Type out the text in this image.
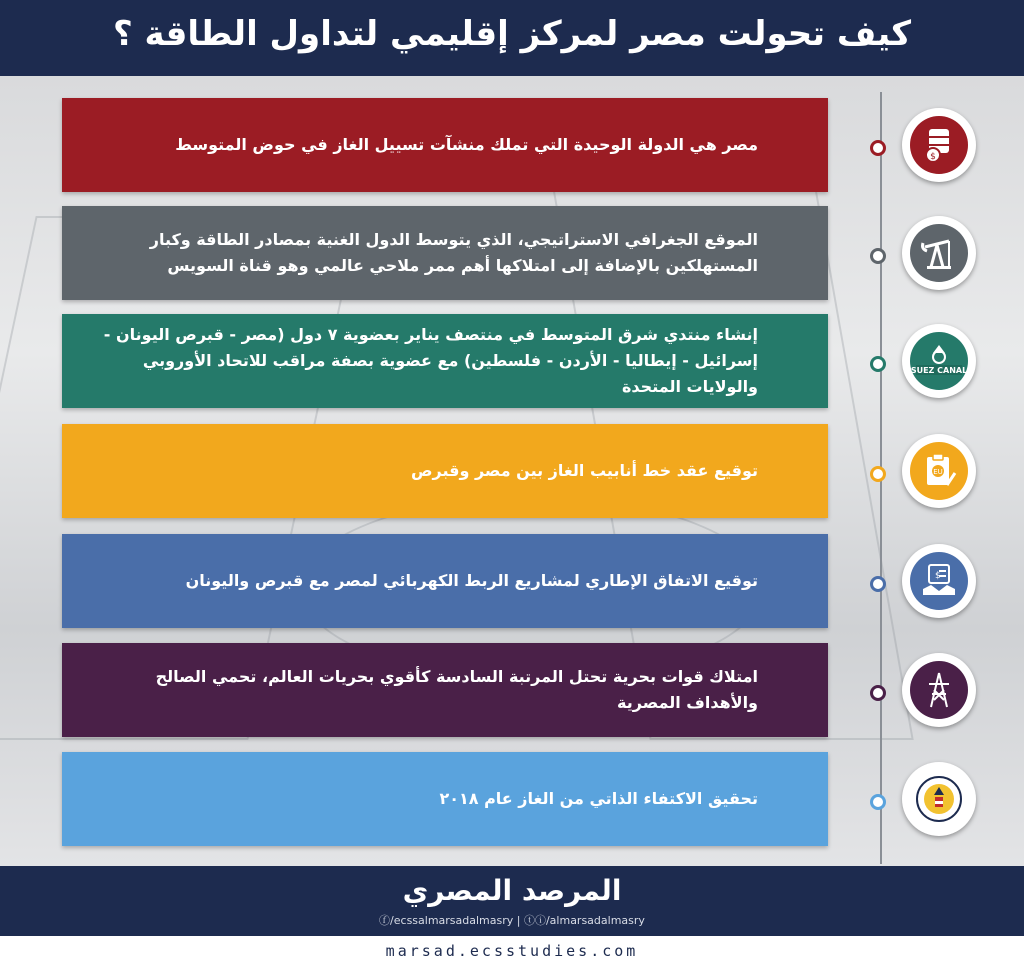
كيف تحولت مصر لمركز إقليمي لتداول الطاقة ؟
مصر هي الدولة الوحيدة التي تملك منشآت تسييل الغاز في حوض المتوسط
$
الموقع الجغرافي الاستراتيجي، الذي يتوسط الدول الغنية بمصادر الطاقة وكبار المستهلكين بالإضافة إلى امتلاكها أهم ممر ملاحي عالمي وهو قناة السويس
إنشاء منتدي شرق المتوسط في منتصف يناير بعضوية ٧ دول (مصر - قبرص اليونان - إسرائيل - إيطاليا - الأردن - فلسطين) مع عضوية بصفة مراقب للاتحاد الأوروبي والولايات المتحدة
SUEZ CANAL
توقيع عقد خط أنابيب الغاز بين مصر وقبرص	EU
توقيع الاتفاق الإطاري لمشاريع الربط الكهربائي لمصر مع قبرص واليونان	$
امتلاك قوات بحرية تحتل المرتبة السادسة كأقوي بحريات العالم، تحمي الصالح والأهداف المصرية
تحقيق الاكتفاء الذاتي من الغاز عام ٢٠١٨
المرصد المصري
ⓕ/ecssalmarsadalmasry | ⓣⓘ/almarsadalmasry
marsad.ecsstudies.com
